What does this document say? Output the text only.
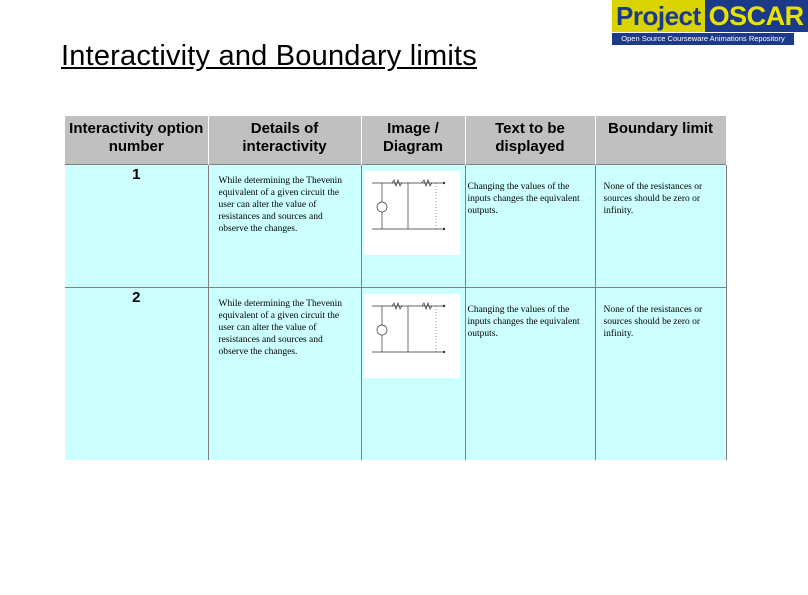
Interactivity and Boundary limits
Project OSCAR
Open Source Courseware Animations Repository
Interactivity option number	Details of interactivity	Image / Diagram	Text to be displayed	Boundary limit
1	While determining the Thevenin equivalent of a given circuit the user can alter the value of resistances and sources and observe the changes.		Changing the values of the inputs changes the equivalent outputs.	None of the resistances or sources should be zero or infinity.
2	While determining the Thevenin equivalent of a given circuit the user can alter the value of resistances and sources and observe the changes.		Changing the values of the inputs changes the equivalent outputs.	None of the resistances or sources should be zero or infinity.
